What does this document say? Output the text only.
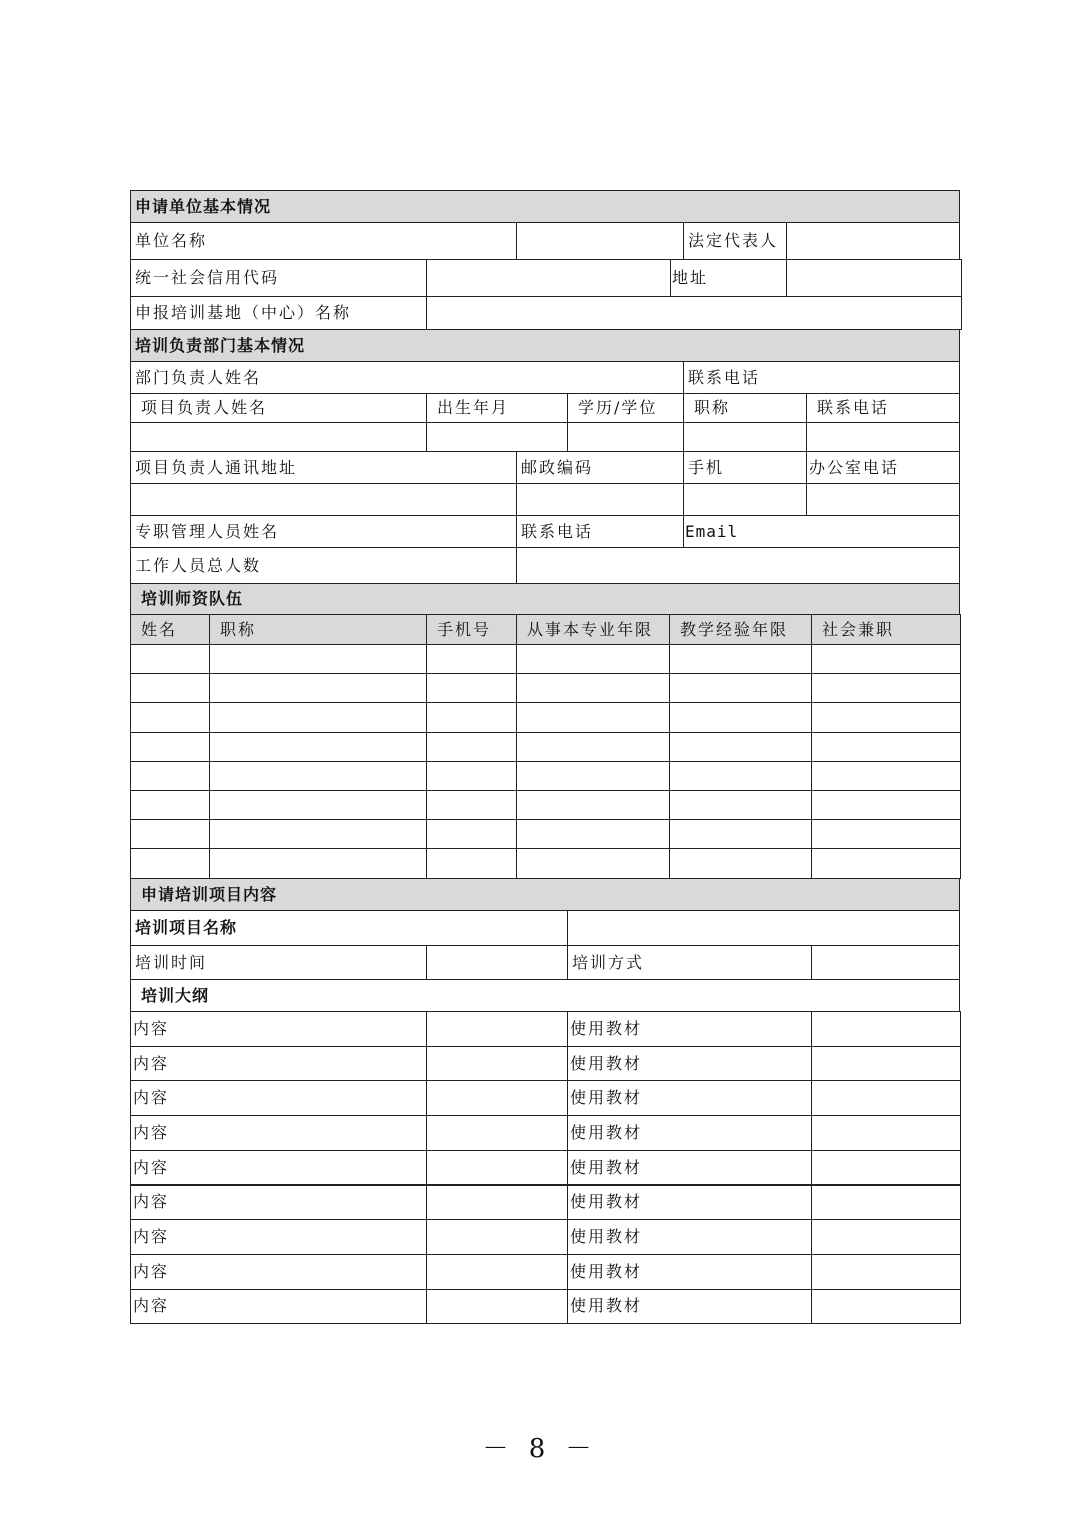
申请单位基本情况
单位名称	法定代表人
统一社会信用代码	地址
申报培训基地（中心）名称
培训负责部门基本情况
部门负责人姓名	联系电话
项目负责人姓名	出生年月	学历/学位	职称	联系电话
项目负责人通讯地址	邮政编码	手机	办公室电话
专职管理人员姓名	联系电话	Email
工作人员总人数
培训师资队伍
姓名	职称	手机号	从事本专业年限	教学经验年限	社会兼职
申请培训项目内容
培训项目名称
培训时间	培训方式
培训大纲
内容	使用教材
内容	使用教材
内容	使用教材
内容	使用教材
内容	使用教材
内容	使用教材
内容	使用教材
内容	使用教材
内容	使用教材
－ 8 －
